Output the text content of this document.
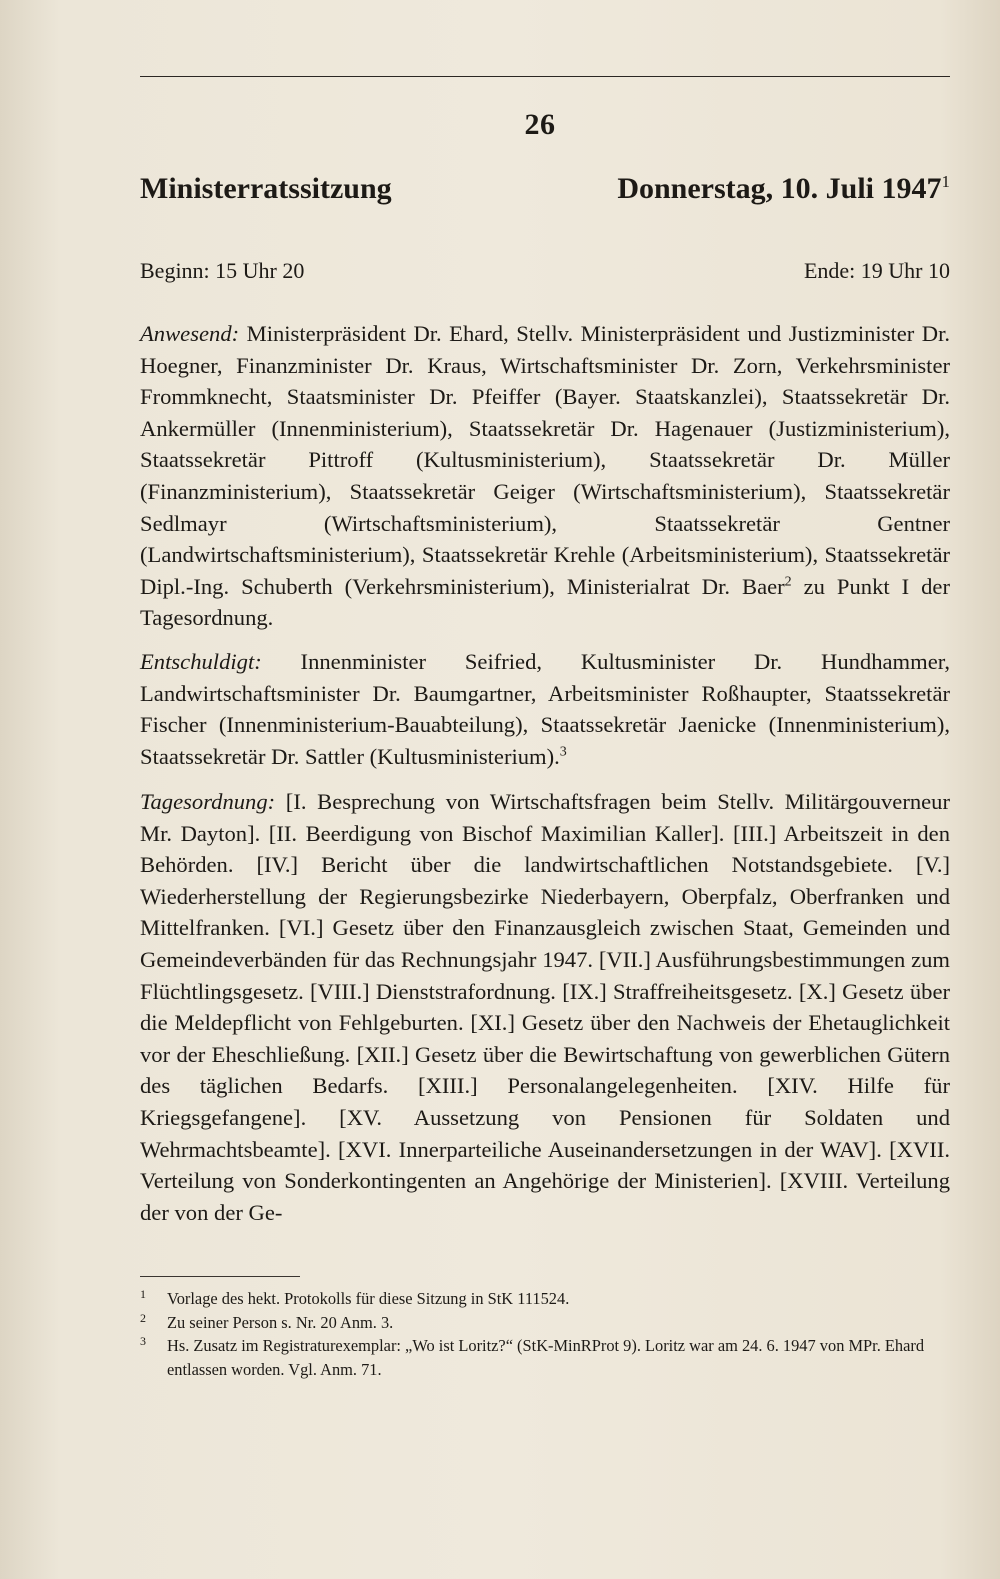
26
Ministerratssitzung	Donnerstag, 10. Juli 1947$^1$
Beginn: 15 Uhr 20	Ende: 19 Uhr 10

Anwesend: Ministerpräsident Dr. Ehard, Stellv. Ministerpräsident und Justizminister Dr. Hoegner, Finanzminister Dr. Kraus, Wirtschaftsminister Dr. Zorn, Verkehrsminister Frommknecht, Staatsminister Dr. Pfeiffer (Bayer. Staatskanzlei), Staatssekretär Dr. Ankermüller (Innenministerium), Staatssekretär Dr. Hagenauer (Justizministerium), Staatssekretär Pittroff (Kultusministerium), Staatssekretär Dr. Müller (Finanzministerium), Staatssekretär Geiger (Wirtschaftsministerium), Staatssekretär Sedlmayr (Wirtschaftsministerium), Staatssekretär Gentner (Landwirtschaftsministerium), Staatssekretär Krehle (Arbeitsministerium), Staatssekretär Dipl.-Ing. Schuberth (Verkehrsministerium), Ministerialrat Dr. Baer$^2$ zu Punkt I der Tagesordnung.

Entschuldigt: Innenminister Seifried, Kultusminister Dr. Hundhammer, Landwirtschaftsminister Dr. Baumgartner, Arbeitsminister Roßhaupter, Staatssekretär Fischer (Innenministerium-Bauabteilung), Staatssekretär Jaenicke (Innenministerium), Staatssekretär Dr. Sattler (Kultusministerium).$^3$

Tagesordnung: [I. Besprechung von Wirtschaftsfragen beim Stellv. Militärgouverneur Mr. Dayton]. [II. Beerdigung von Bischof Maximilian Kaller]. [III.] Arbeitszeit in den Behörden. [IV.] Bericht über die landwirtschaftlichen Notstandsgebiete. [V.] Wiederherstellung der Regierungsbezirke Niederbayern, Oberpfalz, Oberfranken und Mittelfranken. [VI.] Gesetz über den Finanzausgleich zwischen Staat, Gemeinden und Gemeindeverbänden für das Rechnungsjahr 1947. [VII.] Ausführungsbestimmungen zum Flüchtlingsgesetz. [VIII.] Dienststrafordnung. [IX.] Straffreiheitsgesetz. [X.] Gesetz über die Meldepflicht von Fehlgeburten. [XI.] Gesetz über den Nachweis der Ehetauglichkeit vor der Eheschließung. [XII.] Gesetz über die Bewirtschaftung von gewerblichen Gütern des täglichen Bedarfs. [XIII.] Personalangelegenheiten. [XIV. Hilfe für Kriegsgefangene]. [XV. Aussetzung von Pensionen für Soldaten und Wehrmachtsbeamte]. [XVI. Innerparteiliche Auseinandersetzungen in der WAV]. [XVII. Verteilung von Sonderkontingenten an Angehörige der Ministerien]. [XVIII. Verteilung der von der Ge-

1	Vorlage des hekt. Protokolls für diese Sitzung in StK 111524.
2	Zu seiner Person s. Nr. 20 Anm. 3.
3	Hs. Zusatz im Registraturexemplar: „Wo ist Loritz?“ (StK-MinRProt 9). Loritz war am 24. 6. 1947 von MPr. Ehard entlassen worden. Vgl. Anm. 71.
